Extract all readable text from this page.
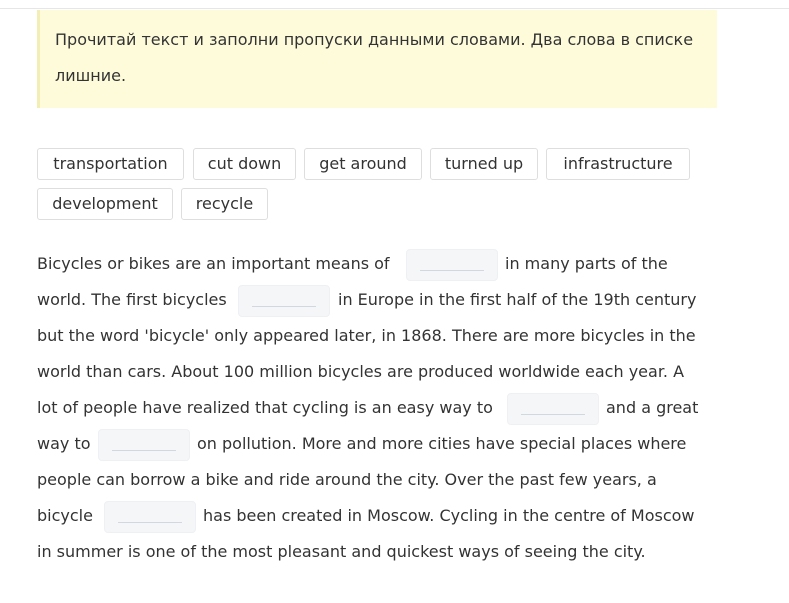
Прочитай текст и заполни пропуски данными словами. Два слова в списке лишние.

transportation	cut down	get around	turned up	infrastructure
development	recycle
Bicycles or bikes are an important means of	in many parts of the
world. The first bicycles	in Europe in the first half of the 19th century
but the word 'bicycle' only appeared later, in 1868. There are more bicycles in the
world than cars. About 100 million bicycles are produced worldwide each year. A
lot of people have realized that cycling is an easy way to	and a great
way to	on pollution. More and more cities have special places where
people can borrow a bike and ride around the city. Over the past few years, a
bicycle	has been created in Moscow. Cycling in the centre of Moscow
in summer is one of the most pleasant and quickest ways of seeing the city.
